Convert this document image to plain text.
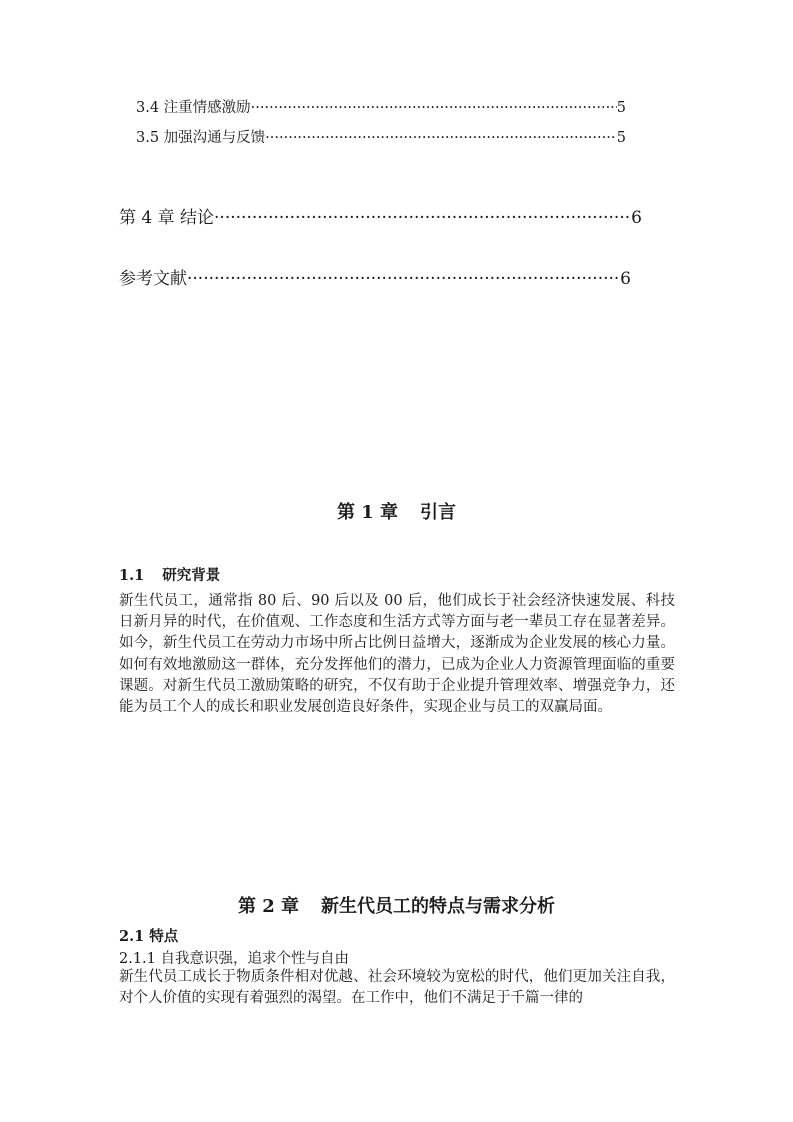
3.4 注重情感激励 ·····	5
3.5 加强沟通与反馈 ·····	5
第 4 章 结论 ·····	6
参考文献 ·····	6
第 1 章 引言
1.1 研究背景
新生代员工，通常指 80 后、90 后以及 00 后，他们成长于社会经济快速发展、科技日新月异的时代，在价值观、工作态度和生活方式等方面与老一辈员工存在显著差异。如今，新生代员工在劳动力市场中所占比例日益增大，逐渐成为企业发展的核心力量。如何有效地激励这一群体，充分发挥他们的潜力，已成为企业人力资源管理面临的重要课题。对新生代员工激励策略的研究，不仅有助于企业提升管理效率、增强竞争力，还能为员工个人的成长和职业发展创造良好条件，实现企业与员工的双赢局面。
第 2 章 新生代员工的特点与需求分析
2.1 特点
2.1.1 自我意识强，追求个性与自由
新生代员工成长于物质条件相对优越、社会环境较为宽松的时代，他们更加关注自我，对个人价值的实现有着强烈的渴望。在工作中，他们不满足于千篇一律的
